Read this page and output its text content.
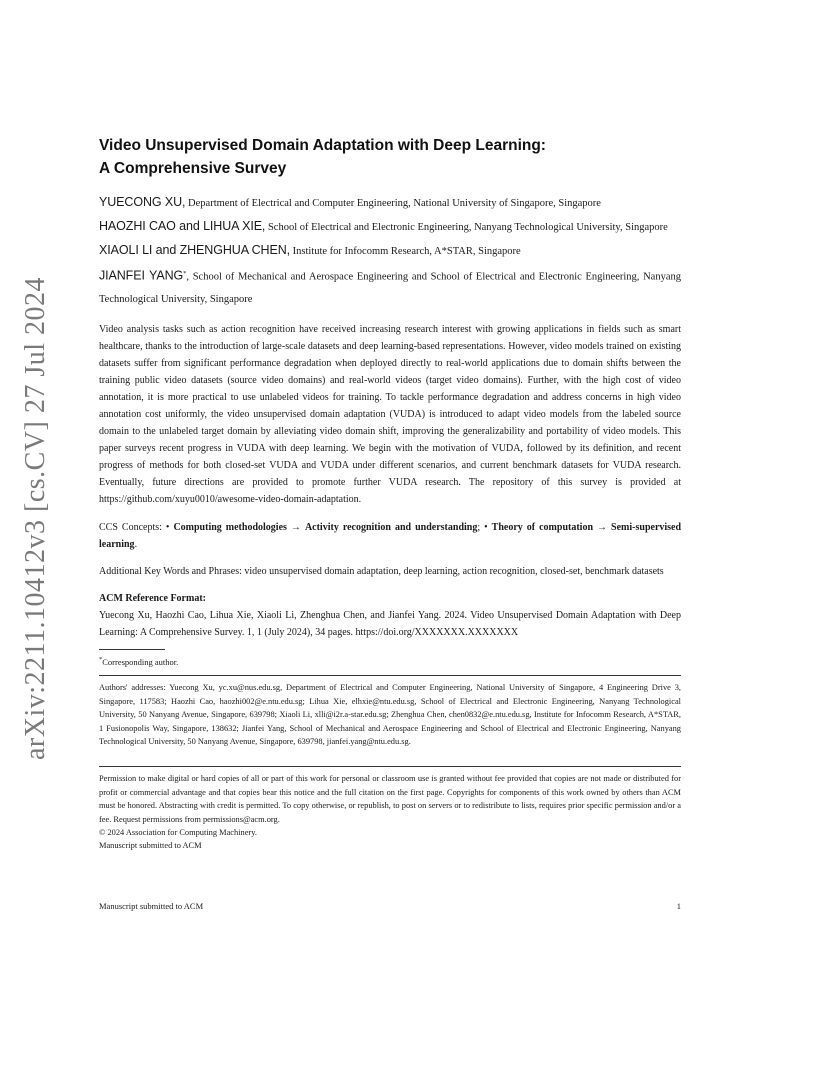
arXiv:2211.10412v3 [cs.CV] 27 Jul 2024
Video Unsupervised Domain Adaptation with Deep Learning:
A Comprehensive Survey
YUECONG XU, Department of Electrical and Computer Engineering, National University of Singapore, Singapore
HAOZHI CAO and LIHUA XIE, School of Electrical and Electronic Engineering, Nanyang Technological University, Singapore
XIAOLI LI and ZHENGHUA CHEN, Institute for Infocomm Research, A*STAR, Singapore
JIANFEI YANG*, School of Mechanical and Aerospace Engineering and School of Electrical and Electronic Engineering, Nanyang Technological University, Singapore
Video analysis tasks such as action recognition have received increasing research interest with growing applications in fields such as smart healthcare, thanks to the introduction of large-scale datasets and deep learning-based representations. However, video models trained on existing datasets suffer from significant performance degradation when deployed directly to real-world applications due to domain shifts between the training public video datasets (source video domains) and real-world videos (target video domains). Further, with the high cost of video annotation, it is more practical to use unlabeled videos for training. To tackle performance degradation and address concerns in high video annotation cost uniformly, the video unsupervised domain adaptation (VUDA) is introduced to adapt video models from the labeled source domain to the unlabeled target domain by alleviating video domain shift, improving the generalizability and portability of video models. This paper surveys recent progress in VUDA with deep learning. We begin with the motivation of VUDA, followed by its definition, and recent progress of methods for both closed-set VUDA and VUDA under different scenarios, and current benchmark datasets for VUDA research. Eventually, future directions are provided to promote further VUDA research. The repository of this survey is provided at https://github.com/xuyu0010/awesome-video-domain-adaptation.
CCS Concepts: • Computing methodologies → Activity recognition and understanding; • Theory of computation → Semi-supervised learning.
Additional Key Words and Phrases: video unsupervised domain adaptation, deep learning, action recognition, closed-set, benchmark datasets
ACM Reference Format:
Yuecong Xu, Haozhi Cao, Lihua Xie, Xiaoli Li, Zhenghua Chen, and Jianfei Yang. 2024. Video Unsupervised Domain Adaptation with Deep Learning: A Comprehensive Survey. 1, 1 (July 2024), 34 pages. https://doi.org/XXXXXXX.XXXXXXX
*Corresponding author.
Authors' addresses: Yuecong Xu, yc.xu@nus.edu.sg, Department of Electrical and Computer Engineering, National University of Singapore, 4 Engineering Drive 3, Singapore, 117583; Haozhi Cao, haozhi002@e.ntu.edu.sg; Lihua Xie, elhxie@ntu.edu.sg, School of Electrical and Electronic Engineering, Nanyang Technological University, 50 Nanyang Avenue, Singapore, 639798; Xiaoli Li, xlli@i2r.a-star.edu.sg; Zhenghua Chen, chen0832@e.ntu.edu.sg, Institute for Infocomm Research, A*STAR, 1 Fusionopolis Way, Singapore, 138632; Jianfei Yang, School of Mechanical and Aerospace Engineering and School of Electrical and Electronic Engineering, Nanyang Technological University, 50 Nanyang Avenue, Singapore, 639798, jianfei.yang@ntu.edu.sg.
Permission to make digital or hard copies of all or part of this work for personal or classroom use is granted without fee provided that copies are not made or distributed for profit or commercial advantage and that copies bear this notice and the full citation on the first page. Copyrights for components of this work owned by others than ACM must be honored. Abstracting with credit is permitted. To copy otherwise, or republish, to post on servers or to redistribute to lists, requires prior specific permission and/or a fee. Request permissions from permissions@acm.org.
© 2024 Association for Computing Machinery.
Manuscript submitted to ACM
Manuscript submitted to ACM	1
